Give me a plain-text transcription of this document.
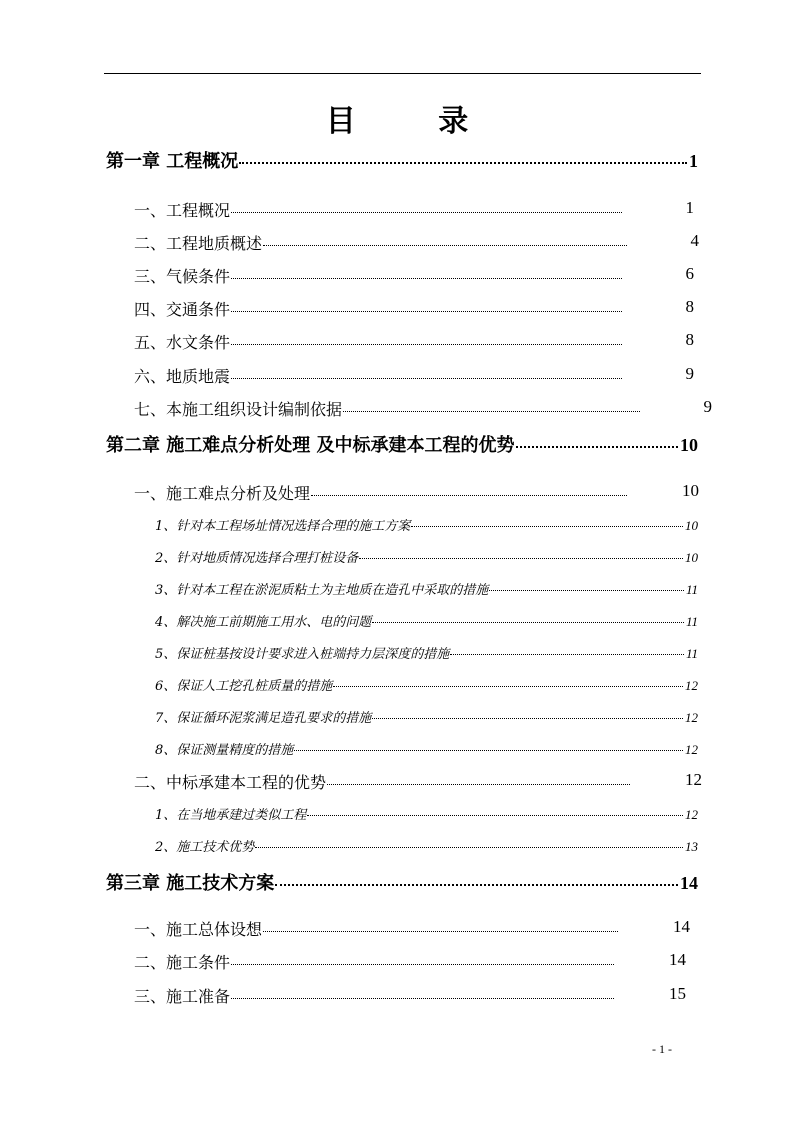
目 录
第一章 工程概况	1
一、工程概况	1
二、工程地质概述	4
三、气候条件	6
四、交通条件	8
五、水文条件	8
六、地质地震	9
七、本施工组织设计编制依据	9
第二章 施工难点分析处理 及中标承建本工程的优势	10
一、施工难点分析及处理	10
1、针对本工程场址情况选择合理的施工方案	10
2、针对地质情况选择合理打桩设备	10
3、针对本工程在淤泥质粘土为主地质在造孔中采取的措施	11
4、解决施工前期施工用水、电的问题	11
5、保证桩基按设计要求进入桩端持力层深度的措施	11
6、保证人工挖孔桩质量的措施	12
7、保证循环泥浆满足造孔要求的措施	12
8、保证测量精度的措施	12
二、中标承建本工程的优势	12
1、在当地承建过类似工程	12
2、施工技术优势	13
第三章 施工技术方案	14
一、施工总体设想	14
二、施工条件	14
三、施工准备	15
- 1 -
